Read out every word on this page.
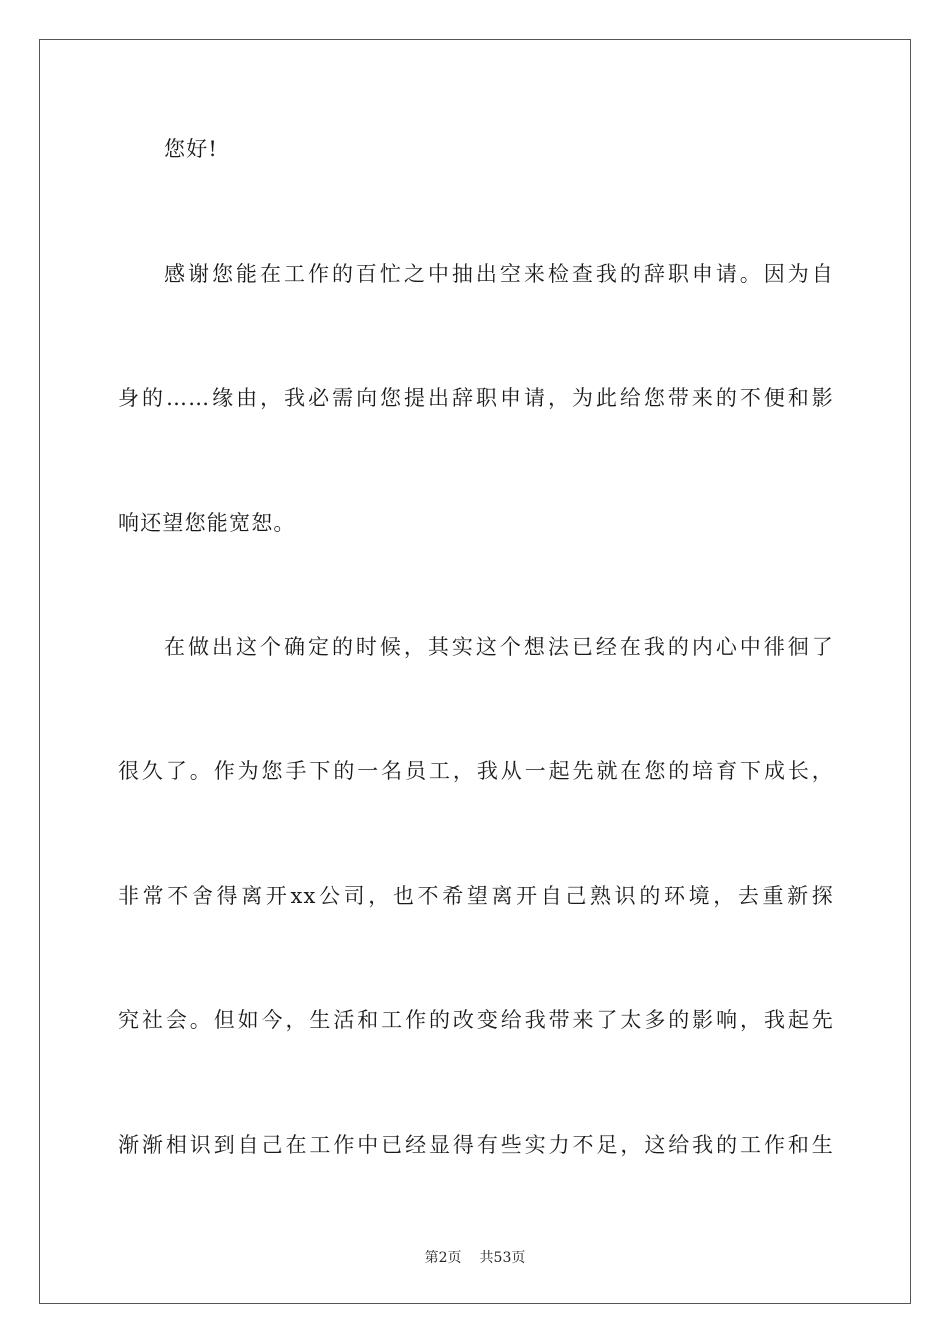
您好!
感谢您能在工作的百忙之中抽出空来检查我的辞职申请。因为自
身的……缘由，我必需向您提出辞职申请，为此给您带来的不便和影
响还望您能宽恕。
在做出这个确定的时候，其实这个想法已经在我的内心中徘徊了
很久了。作为您手下的一名员工，我从一起先就在您的培育下成长，
非常不舍得离开xx公司，也不希望离开自己熟识的环境，去重新探
究社会。但如今，生活和工作的改变给我带来了太多的影响，我起先
渐渐相识到自己在工作中已经显得有些实力不足，这给我的工作和生
第2页 共53页
